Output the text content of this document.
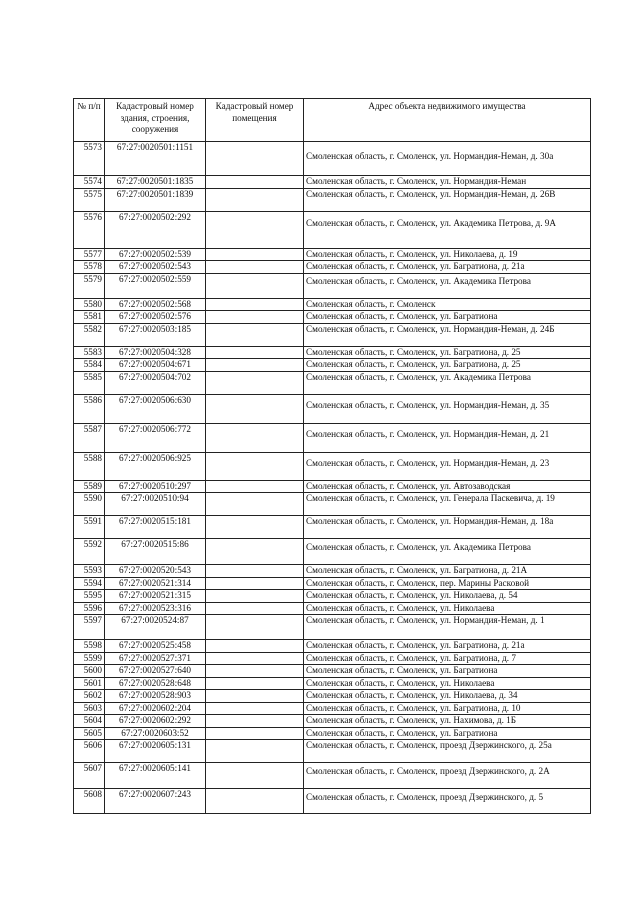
№ п/п	Кадастровый номер здания, строения, сооружения	Кадастровый номер помещения	Адрес объекта недвижимого имущества
5573	67:27:0020501:1151		Смоленская область, г. Смоленск, ул. Нормандия-Неман, д. 30а
5574	67:27:0020501:1835		Смоленская область, г. Смоленск, ул. Нормандия-Неман
5575	67:27:0020501:1839		Смоленская область, г. Смоленск, ул. Нормандия-Неман, д. 26В
5576	67:27:0020502:292		Смоленская область, г. Смоленск, ул. Академика Петрова, д. 9А
5577	67:27:0020502:539		Смоленская область, г. Смоленск, ул. Николаева, д. 19
5578	67:27:0020502:543		Смоленская область, г. Смоленск, ул. Багратиона, д. 21а
5579	67:27:0020502:559		Смоленская область, г. Смоленск, ул. Академика Петрова
5580	67:27:0020502:568		Смоленская область, г. Смоленск
5581	67:27:0020502:576		Смоленская область, г. Смоленск, ул. Багратиона
5582	67:27:0020503:185		Смоленская область, г. Смоленск, ул. Нормандия-Неман, д. 24Б
5583	67:27:0020504:328		Смоленская область, г. Смоленск, ул. Багратиона, д. 25
5584	67:27:0020504:671		Смоленская область, г. Смоленск, ул. Багратиона, д. 25
5585	67:27:0020504:702		Смоленская область, г. Смоленск, ул. Академика Петрова
5586	67:27:0020506:630		Смоленская область, г. Смоленск, ул. Нормандия-Неман, д. 35
5587	67:27:0020506:772		Смоленская область, г. Смоленск, ул. Нормандия-Неман, д. 21
5588	67:27:0020506:925		Смоленская область, г. Смоленск, ул. Нормандия-Неман, д. 23
5589	67:27:0020510:297		Смоленская область, г. Смоленск, ул. Автозаводская
5590	67:27:0020510:94		Смоленская область, г. Смоленск, ул. Генерала Паскевича, д. 19
5591	67:27:0020515:181		Смоленская область, г. Смоленск, ул. Нормандия-Неман, д. 18а
5592	67:27:0020515:86		Смоленская область, г. Смоленск, ул. Академика Петрова
5593	67:27:0020520:543		Смоленская область, г. Смоленск, ул. Багратиона, д. 21А
5594	67:27:0020521:314		Смоленская область, г. Смоленск, пер. Марины Расковой
5595	67:27:0020521:315		Смоленская область, г. Смоленск, ул. Николаева, д. 54
5596	67:27:0020523:316		Смоленская область, г. Смоленск, ул. Николаева
5597	67:27:0020524:87		Смоленская область, г. Смоленск, ул. Нормандия-Неман, д. 1
5598	67:27:0020525:458		Смоленская область, г. Смоленск, ул. Багратиона, д. 21а
5599	67:27:0020527:371		Смоленская область, г. Смоленск, ул. Багратиона, д. 7
5600	67:27:0020527:640		Смоленская область, г. Смоленск, ул. Багратиона
5601	67:27:0020528:648		Смоленская область, г. Смоленск, ул. Николаева
5602	67:27:0020528:903		Смоленская область, г. Смоленск, ул. Николаева, д. 34
5603	67:27:0020602:204		Смоленская область, г. Смоленск, ул. Багратиона, д. 10
5604	67:27:0020602:292		Смоленская область, г. Смоленск, ул. Нахимова, д. 1Б
5605	67:27:0020603:52		Смоленская область, г. Смоленск, ул. Багратиона
5606	67:27:0020605:131		Смоленская область, г. Смоленск, проезд Дзержинского, д. 25а
5607	67:27:0020605:141		Смоленская область, г. Смоленск, проезд Дзержинского, д. 2А
5608	67:27:0020607:243		Смоленская область, г. Смоленск, проезд Дзержинского, д. 5
